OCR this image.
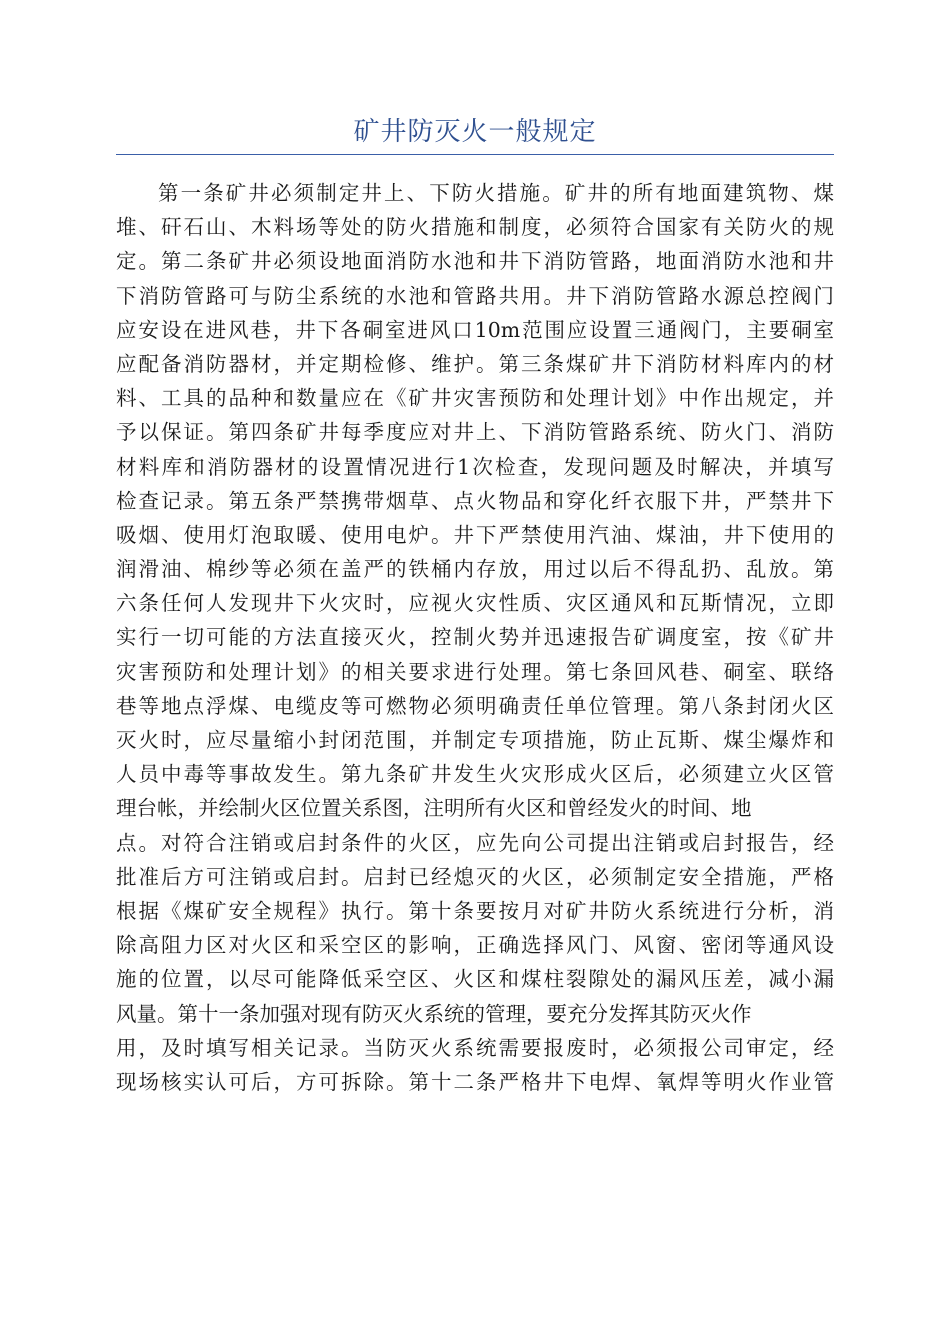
矿井防灭火一般规定
第一条矿井必须制定井上、下防火措施。矿井的所有地面建筑物、煤
堆、矸石山、木料场等处的防火措施和制度，必须符合国家有关防火的规
定。第二条矿井必须设地面消防水池和井下消防管路，地面消防水池和井
下消防管路可与防尘系统的水池和管路共用。井下消防管路水源总控阀门
应安设在进风巷，井下各硐室进风口10m范围应设置三通阀门，主要硐室
应配备消防器材，并定期检修、维护。第三条煤矿井下消防材料库内的材
料、工具的品种和数量应在《矿井灾害预防和处理计划》中作出规定，并
予以保证。第四条矿井每季度应对井上、下消防管路系统、防火门、消防
材料库和消防器材的设置情况进行1次检查，发现问题及时解决，并填写
检查记录。第五条严禁携带烟草、点火物品和穿化纤衣服下井，严禁井下
吸烟、使用灯泡取暖、使用电炉。井下严禁使用汽油、煤油，井下使用的
润滑油、棉纱等必须在盖严的铁桶内存放，用过以后不得乱扔、乱放。第
六条任何人发现井下火灾时，应视火灾性质、灾区通风和瓦斯情况，立即
实行一切可能的方法直接灭火，控制火势并迅速报告矿调度室，按《矿井
灾害预防和处理计划》的相关要求进行处理。第七条回风巷、硐室、联络
巷等地点浮煤、电缆皮等可燃物必须明确责任单位管理。第八条封闭火区
灭火时，应尽量缩小封闭范围，并制定专项措施，防止瓦斯、煤尘爆炸和
人员中毒等事故发生。第九条矿井发生火灾形成火区后，必须建立火区管
理台帐，并绘制火区位置关系图，注明所有火区和曾经发火的时间、地
点。对符合注销或启封条件的火区，应先向公司提出注销或启封报告，经
批准后方可注销或启封。启封已经熄灭的火区，必须制定安全措施，严格
根据《煤矿安全规程》执行。第十条要按月对矿井防火系统进行分析，消
除高阻力区对火区和采空区的影响，正确选择风门、风窗、密闭等通风设
施的位置，以尽可能降低采空区、火区和煤柱裂隙处的漏风压差，减小漏
风量。第十一条加强对现有防灭火系统的管理，要充分发挥其防灭火作
用，及时填写相关记录。当防灭火系统需要报废时，必须报公司审定，经
现场核实认可后，方可拆除。第十二条严格井下电焊、氧焊等明火作业管
